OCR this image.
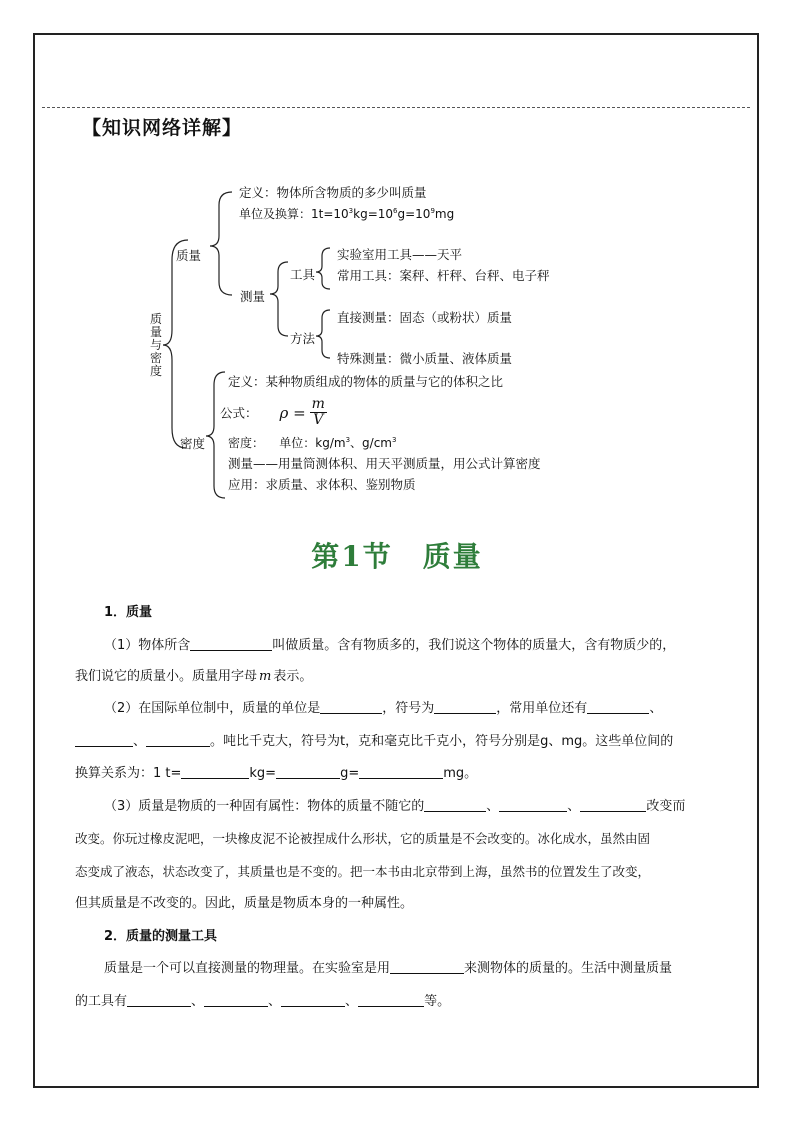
【知识网络详解】
质量与密度
质量
定义：物体所含物质的多少叫质量
单位及换算：$1t=10^3kg=10^6g=10^9mg$
测量
工具
实验室用工具——天平
常用工具：案秤、杆秤、台秤、电子秤
方法
直接测量：固态（或粉状）质量
特殊测量：微小质量、液体质量
密度
定义：某种物质组成的物体的质量与它的体积之比
公式： $\rho = \frac{m}{V}$
密度：    单位：$kg/m^3$、$g/cm^3$
测量——用量筒测体积、用天平测质量，用公式计算密度
应用：求质量、求体积、鉴别物质
第1节　质量
1．质量
（1）物体所含	叫做质量。含有物质多的，我们说这个物体的质量大，含有物质少的，
我们说它的质量小。质量用字母 m 表示。
（2）在国际单位制中，质量的单位是	，符号为	，常用单位还有	、
、	。吨比千克大，符号为t，克和毫克比千克小，符号分别是g、mg。这些单位间的
换算关系为：1 t=	kg=	g=	mg。
（3）质量是物质的一种固有属性：物体的质量不随它的	、	、	改变而
改变。你玩过橡皮泥吧，一块橡皮泥不论被捏成什么形状，它的质量是不会改变的。冰化成水，虽然由固
态变成了液态，状态改变了，其质量也是不变的。把一本书由北京带到上海，虽然书的位置发生了改变，
但其质量是不改变的。因此，质量是物质本身的一种属性。
2．质量的测量工具
质量是一个可以直接测量的物理量。在实验室是用	来测物体的质量的。生活中测量质量
的工具有	、	、	、	等。
